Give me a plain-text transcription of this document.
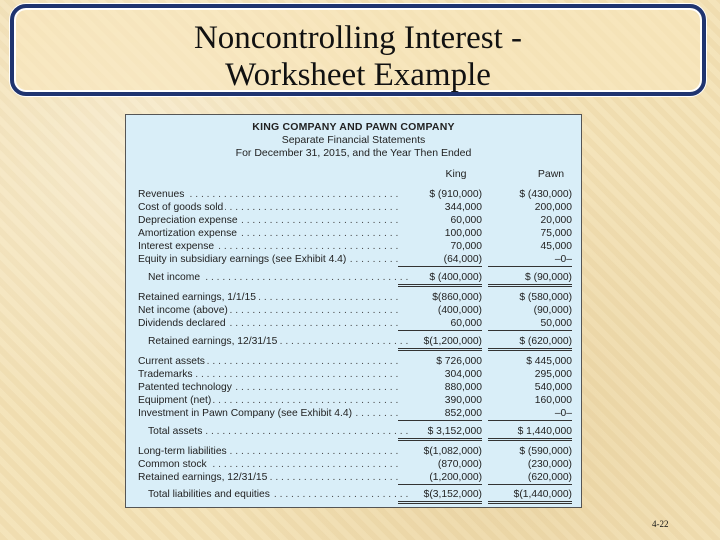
Noncontrolling Interest -
Worksheet Example
KING COMPANY AND PAWN COMPANY
Separate Financial Statements
For December 31, 2015, and the Year Then Ended
King	Pawn
Revenues . . .	$ (910,000)	$ (430,000)
Cost of goods sold . . .	344,000	200,000
Depreciation expense . . .	60,000	20,000
Amortization expense . . .	100,000	75,000
Interest expense . . .	70,000	45,000
Equity in subsidiary earnings (see Exhibit 4.4) . . .	(64,000)	–0–
Net income . . .	$ (400,000)	$ (90,000)
Retained earnings, 1/1/15 . . .	$(860,000)	$ (580,000)
Net income (above) . . .	(400,000)	(90,000)
Dividends declared . . .	60,000	50,000
Retained earnings, 12/31/15 . . .	$(1,200,000)	$ (620,000)
Current assets . . .	$ 726,000	$ 445,000
Trademarks . . .	304,000	295,000
Patented technology . . .	880,000	540,000
Equipment (net) . . .	390,000	160,000
Investment in Pawn Company (see Exhibit 4.4) . . .	852,000	–0–
Total assets . . .	$ 3,152,000	$ 1,440,000
Long-term liabilities . . .	$(1,082,000)	$ (590,000)
Common stock . . .	(870,000)	(230,000)
Retained earnings, 12/31/15 . . .	(1,200,000)	(620,000)
Total liabilities and equities . . .	$(3,152,000)	$(1,440,000)
4-22
